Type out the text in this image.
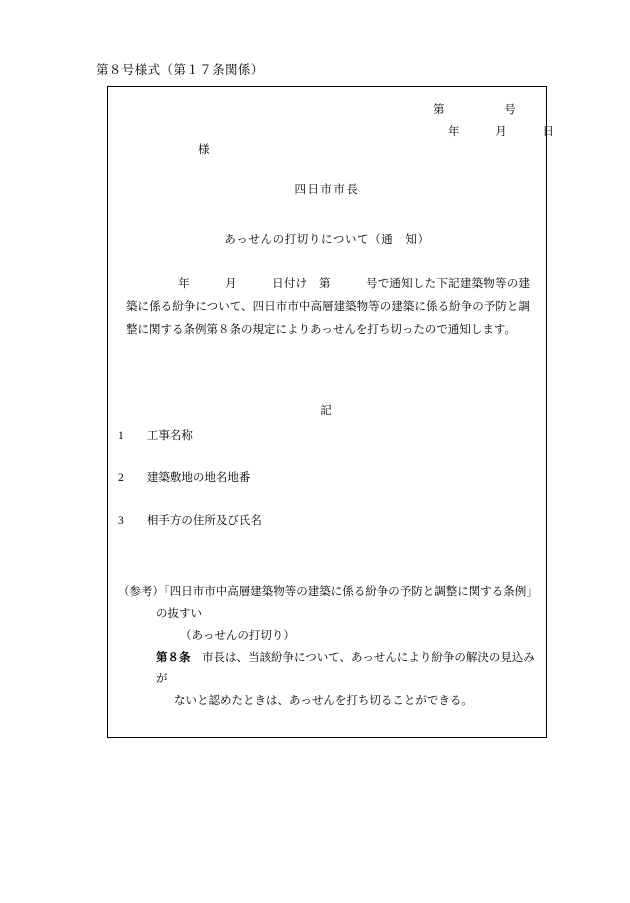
第８号様式（第１７条関係）
第	号
年	月	日
様
四日市市長
あっせんの打切りについて（通　知）
年　　　月　　　日付け　第　　　号で通知した下記建築物等の建築に係る紛争について、四日市市中高層建築物等の建築に係る紛争の予防と調整に関する条例第８条の規定によりあっせんを打ち切ったので通知します。
記
1 工事名称
2 建築敷地の地名地番
3 相手方の住所及び氏名
（参考）「四日市市中高層建築物等の建築に係る紛争の予防と調整に関する条例」
の抜すい
（あっせんの打切り）
第８条 市長は、当該紛争について、あっせんにより紛争の解決の見込みが
ないと認めたときは、あっせんを打ち切ることができる。
